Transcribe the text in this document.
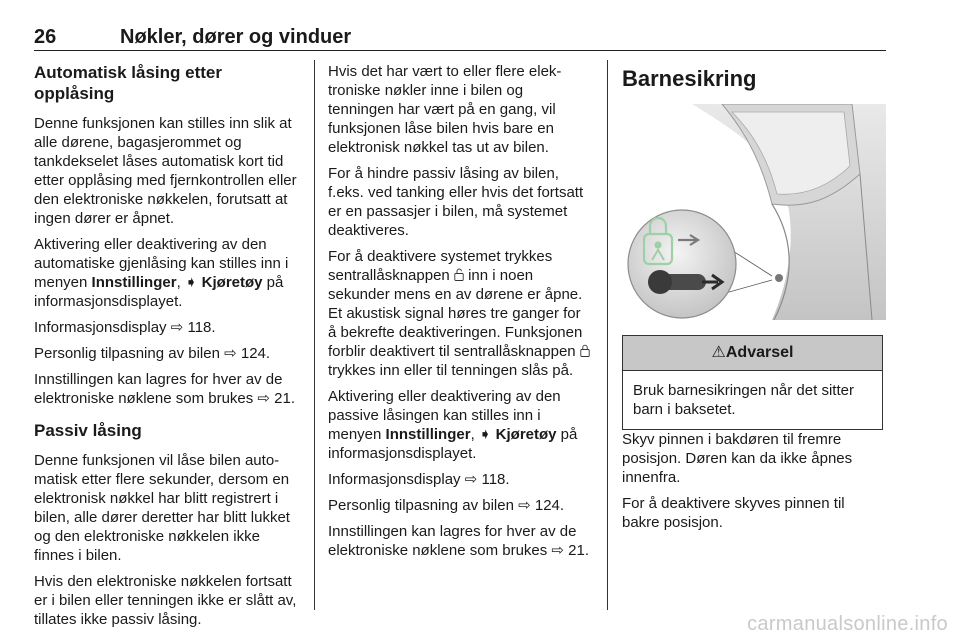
26	Nøkler, dører og vinduer
Automatisk låsing etter opplåsing

Denne funksjonen kan stilles inn slik at alle dørene, bagasjerommet og tankdekselet låses automatisk kort tid etter opplåsing med fjernkontrollen eller den elektroniske nøkkelen, forutsatt at ingen dører er åpnet.

Aktivering eller deaktivering av den automatiske gjenlåsing kan stilles inn i menyen Innstillinger, ➧ Kjøretøy på informasjonsdisplayet.

Informasjonsdisplay ⇨ 118.

Personlig tilpasning av bilen ⇨ 124.

Innstillingen kan lagres for hver av de elektroniske nøklene som brukes ⇨ 21.

Passiv låsing

Denne funksjonen vil låse bilen automatisk etter flere sekunder, dersom en elektronisk nøkkel har blitt registrert i bilen, alle dører deretter har blitt lukket og den elektroniske nøkkelen ikke finnes i bilen.

Hvis den elektroniske nøkkelen fortsatt er i bilen eller tenningen ikke er slått av, tillates ikke passiv låsing.

Hvis det har vært to eller flere elektroniske nøkler inne i bilen og tenningen har vært på en gang, vil funksjonen låse bilen hvis bare en elektronisk nøkkel tas ut av bilen.

For å hindre passiv låsing av bilen, f.eks. ved tanking eller hvis det fortsatt er en passasjer i bilen, må systemet deaktiveres.

For å deaktivere systemet trykkes sentrallåsknappen  inn i noen sekunder mens en av dørene er åpne. Et akustisk signal høres tre ganger for å bekrefte deaktiveringen. Funksjonen forblir deaktivert til sentrallåsknappen  trykkes inn eller til tenningen slås på.

Aktivering eller deaktivering av den passive låsingen kan stilles inn i menyen Innstillinger, ➧ Kjøretøy på informasjonsdisplayet.

Informasjonsdisplay ⇨ 118.

Personlig tilpasning av bilen ⇨ 124.

Innstillingen kan lagres for hver av de elektroniske nøklene som brukes ⇨ 21.

Barnesikring
⚠Advarsel
Bruk barnesikringen når det sitter barn i baksetet.

Skyv pinnen i bakdøren til fremre posisjon. Døren kan da ikke åpnes innenfra.

For å deaktivere skyves pinnen til bakre posisjon.

carmanualsonline.info
